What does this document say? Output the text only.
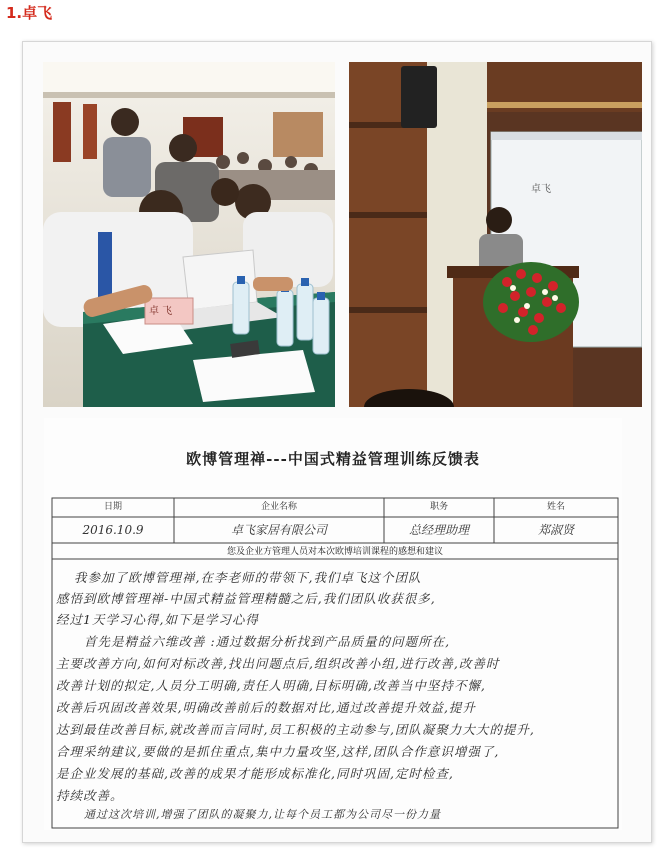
1.卓飞
卓 飞
卓飞
欧博管理禅---中国式精益管理训练反馈表
日期	企业名称	职务	姓名
2016.10.9	卓飞家居有限公司	总经理助理	郑淑贤
您及企业方管理人员对本次欧博培训课程的感想和建议
我参加了欧博管理禅,在李老师的带领下,我们卓飞这个团队
感悟到欧博管理禅-中国式精益管理精髓之后,我们团队收获很多,
经过1天学习心得,如下是学习心得
首先是精益六维改善 :通过数据分析找到产品质量的问题所在,
主要改善方向,如何对标改善,找出问题点后,组织改善小组,进行改善,改善时
改善计划的拟定,人员分工明确,责任人明确,目标明确,改善当中坚持不懈,
改善后巩固改善效果,明确改善前后的数据对比,通过改善提升效益,提升
达到最佳改善目标,就改善而言同时,员工积极的主动参与,团队凝聚力大大的提升,
合理采纳建议,要做的是抓住重点,集中力量攻坚,这样,团队合作意识增强了,
是企业发展的基础,改善的成果才能形成标准化,同时巩固,定时检查,
持续改善。
通过这次培训,增强了团队的凝聚力,让每个员工都为公司尽一份力量
